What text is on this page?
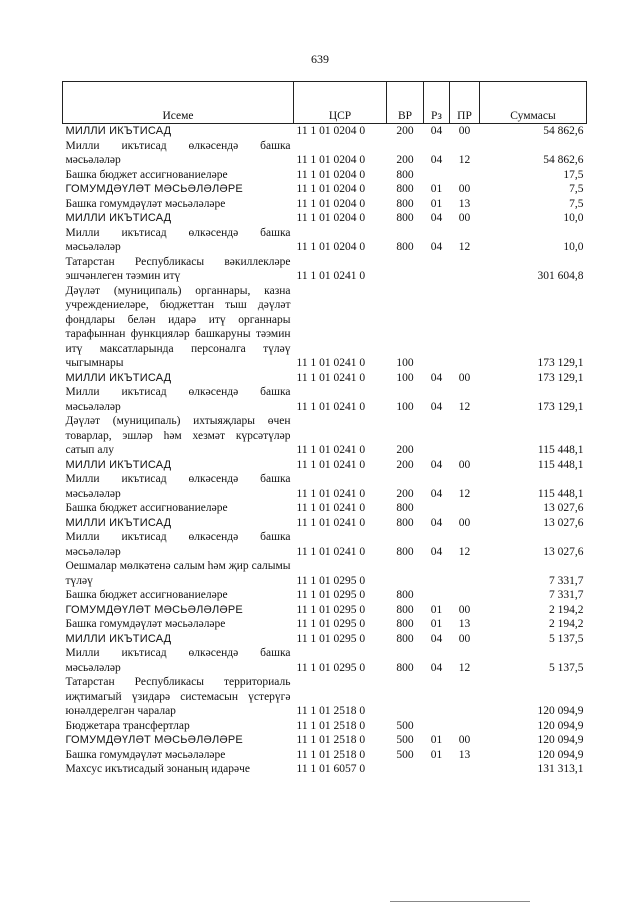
639
Исеме	ЦСР	ВР	Рз	ПР	Суммасы
МИЛЛИ ИКЪТИСАД	11 1 01 0204 0	200	04	00	54 862,6
Милли икътисад өлкәсендә башка мәсьәләләр	11 1 01 0204 0	200	04	12	54 862,6
Башка бюджет ассигнованиеләре	11 1 01 0204 0	800			17,5
ГОМУМДӘҮЛӘТ МӘСЬӘЛӘЛӘРЕ	11 1 01 0204 0	800	01	00	7,5
Башка гомумдәүләт мәсьәләләре	11 1 01 0204 0	800	01	13	7,5
МИЛЛИ ИКЪТИСАД	11 1 01 0204 0	800	04	00	10,0
Милли икътисад өлкәсендә башка мәсьәләләр	11 1 01 0204 0	800	04	12	10,0
Татарстан Республикасы вәкиллекләре эшчәнлеген тәэмин итү	11 1 01 0241 0				301 604,8
Дәүләт (муниципаль) органнары, казна учреждениеләре, бюджеттан тыш дәүләт фондлары белән идарә итү органнары тарафыннан функцияләр башкаруны тәэмин итү максатларында персоналга түләү чыгымнары	11 1 01 0241 0	100			173 129,1
МИЛЛИ ИКЪТИСАД	11 1 01 0241 0	100	04	00	173 129,1
Милли икътисад өлкәсендә башка мәсьәләләр	11 1 01 0241 0	100	04	12	173 129,1
Дәүләт (муниципаль) ихтыяҗлары өчен товарлар, эшләр һәм хезмәт күрсәтүләр сатып алу	11 1 01 0241 0	200			115 448,1
МИЛЛИ ИКЪТИСАД	11 1 01 0241 0	200	04	00	115 448,1
Милли икътисад өлкәсендә башка мәсьәләләр	11 1 01 0241 0	200	04	12	115 448,1
Башка бюджет ассигнованиеләре	11 1 01 0241 0	800			13 027,6
МИЛЛИ ИКЪТИСАД	11 1 01 0241 0	800	04	00	13 027,6
Милли икътисад өлкәсендә башка мәсьәләләр	11 1 01 0241 0	800	04	12	13 027,6
Оешмалар мөлкәтенә салым һәм җир салымы түләү	11 1 01 0295 0				7 331,7
Башка бюджет ассигнованиеләре	11 1 01 0295 0	800			7 331,7
ГОМУМДӘҮЛӘТ МӘСЬӘЛӘЛӘРЕ	11 1 01 0295 0	800	01	00	2 194,2
Башка гомумдәүләт мәсьәләләре	11 1 01 0295 0	800	01	13	2 194,2
МИЛЛИ ИКЪТИСАД	11 1 01 0295 0	800	04	00	5 137,5
Милли икътисад өлкәсендә башка мәсьәләләр	11 1 01 0295 0	800	04	12	5 137,5
Татарстан Республикасы территориаль иҗтимагый үзидарә системасын үстерүгә юнәлдерелгән чаралар	11 1 01 2518 0				120 094,9
Бюджетара трансфертлар	11 1 01 2518 0	500			120 094,9
ГОМУМДӘҮЛӘТ МӘСЬӘЛӘЛӘРЕ	11 1 01 2518 0	500	01	00	120 094,9
Башка гомумдәүләт мәсьәләләре	11 1 01 2518 0	500	01	13	120 094,9
Махсус икътисадый зонаның идарәче	11 1 01 6057 0				131 313,1
